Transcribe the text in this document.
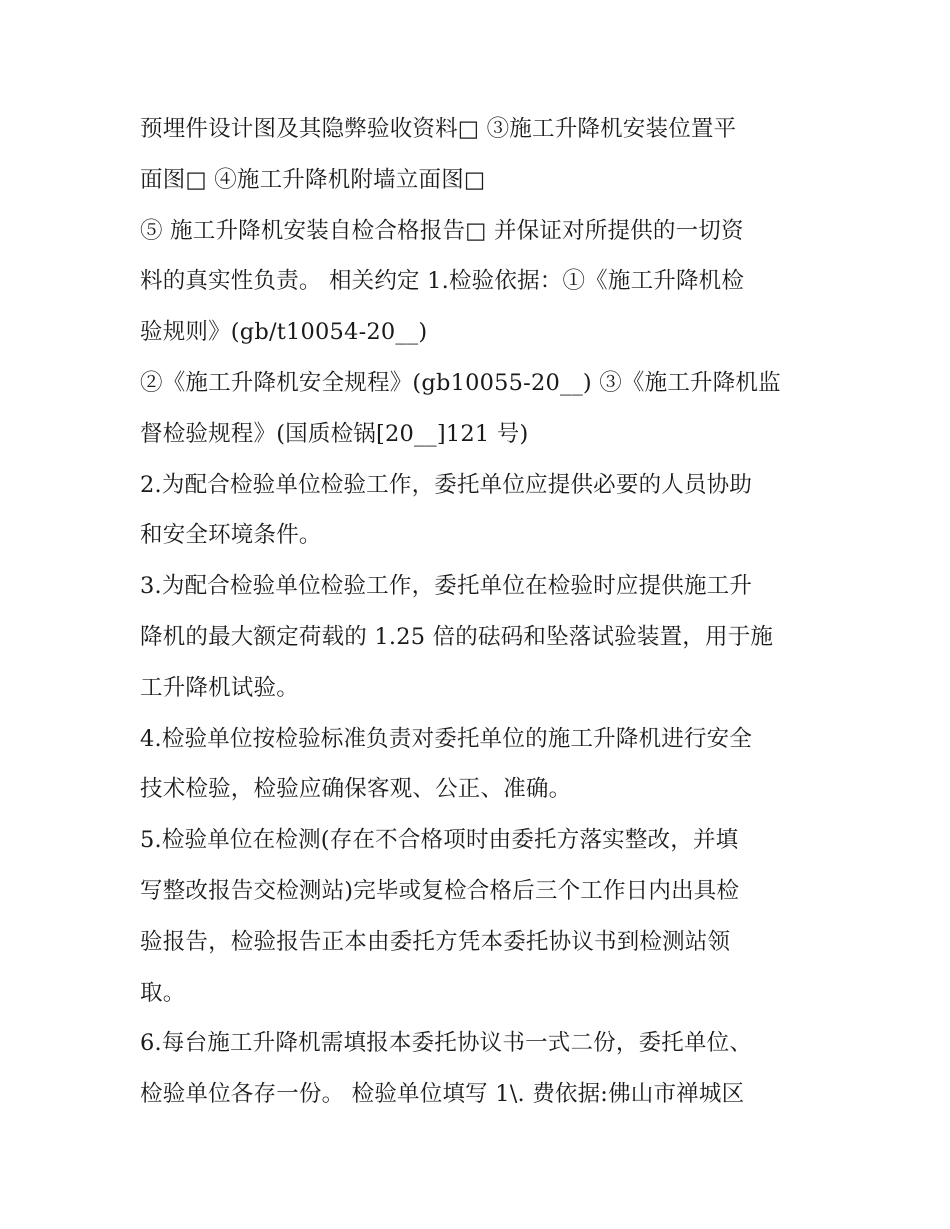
预埋件设计图及其隐弊验收资料□ ③施工升降机安装位置平
面图□ ④施工升降机附墙立面图□
⑤ 施工升降机安装自检合格报告□ 并保证对所提供的一切资
料的真实性负责。 相关约定 1.检验依据：①《施工升降机检
验规则》(gb/t10054-20__)
②《施工升降机安全规程》(gb10055-20__) ③《施工升降机监
督检验规程》(国质检锅[20__]121 号)
2.为配合检验单位检验工作，委托单位应提供必要的人员协助
和安全环境条件。
3.为配合检验单位检验工作，委托单位在检验时应提供施工升
降机的最大额定荷载的 1.25 倍的砝码和坠落试验装置，用于施
工升降机试验。
4.检验单位按检验标准负责对委托单位的施工升降机进行安全
技术检验，检验应确保客观、公正、准确。
5.检验单位在检测(存在不合格项时由委托方落实整改，并填
写整改报告交检测站)完毕或复检合格后三个工作日内出具检
验报告，检验报告正本由委托方凭本委托协议书到检测站领
取。
6.每台施工升降机需填报本委托协议书一式二份，委托单位、
检验单位各存一份。 检验单位填写 1\. 费依据:佛山市禅城区
